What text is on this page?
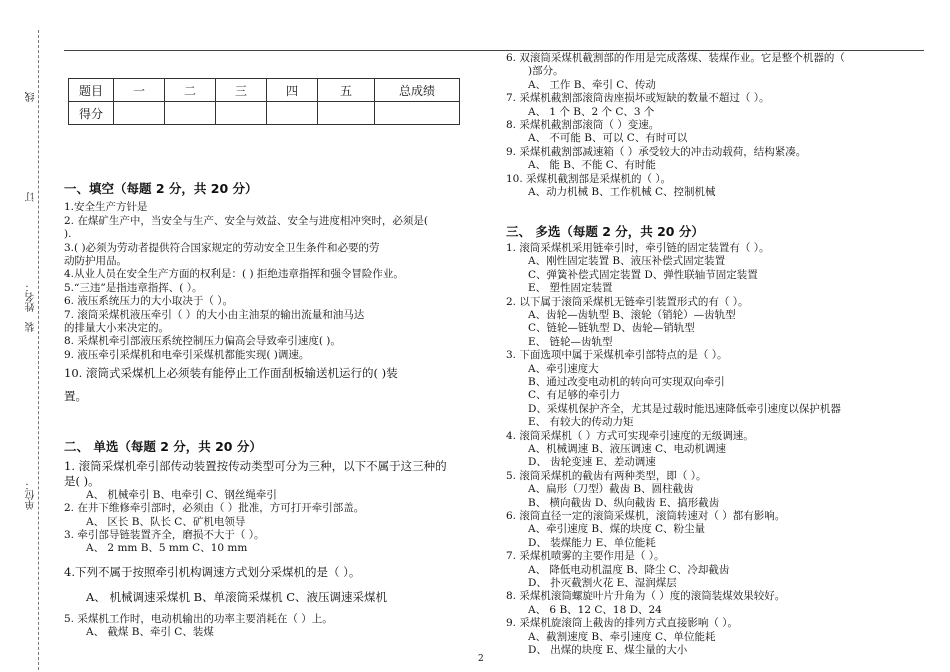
线
订
姓名：
装
单位：
题目	一	二	三	四	五	总成绩
得分						

一、填空（每题 2 分，共 20 分）

1.安全生产方针是
2. 在煤矿生产中，当安全与生产、安全与效益、安全与进度相冲突时，必须是(
).
3.( )必须为劳动者提供符合国家规定的劳动安全卫生条件和必要的劳
动防护用品。
4.从业人员在安全生产方面的权利是：( ) 拒绝违章指挥和强令冒险作业。
5.“三违”是指违章指挥、( ）。
6. 液压系统压力的大小取决于（ ）。
7. 滚筒采煤机液压牵引（ ）的大小由主油泵的输出流量和油马达
的排量大小来决定的。
8. 采煤机牵引部液压系统控制压力偏高会导致牵引速度( )。
9. 液压牵引采煤机和电牵引采煤机都能实现( )调速。
10. 滚筒式采煤机上必须装有能停止工作面刮板输送机运行的( )装
置。

二、 单选（每题 2 分，共 20 分）

1. 滚筒采煤机牵引部传动装置按传动类型可分为三种，以下不属于这三种的
是( )。
A、 机械牵引 B、电牵引 C、钢丝绳牵引
2. 在井下维修牵引部时，必须由（ ）批准，方可打开牵引部盖。
A、 区长 B、队长 C、矿机电领导
3. 牵引部导链装置齐全，磨损不大于（ ）。
A、 2 mm B、5 mm C、10 mm
4.下列不属于按照牵引机构调速方式划分采煤机的是（ ）。
A、 机械调速采煤机 B、单滚筒采煤机 C、液压调速采煤机
5. 采煤机工作时，电动机输出的功率主要消耗在（ ）上。
A、 截煤 B、牵引 C、装煤
6. 双滚筒采煤机截割部的作用是完成落煤、装煤作业。它是整个机器的（
)部分。
A、 工作 B、牵引 C、传动
7. 采煤机截割部滚筒齿座损坏或短缺的数量不超过（ ）。
A、 1 个 B、2 个 C、3 个
8. 采煤机截割部滚筒（ ）变速。
A、 不可能 B、可以 C、有时可以
9. 采煤机截割部减速箱（ ）承受较大的冲击动载荷，结构紧凑。
A、 能 B、不能 C、有时能
10. 采煤机截割部是采煤机的（ ）。
A、动力机械 B、工作机械 C、控制机械

三、 多选（每题 2 分，共 20 分）

1. 滚筒采煤机采用链牵引时，牵引链的固定装置有（ ）。
A、刚性固定装置 B、液压补偿式固定装置
C、弹簧补偿式固定装置 D、弹性联轴节固定装置
E、 塑性固定装置
2. 以下属于滚筒采煤机无链牵引装置形式的有（ ）。
A、齿轮—齿轨型 B、滚轮（销轮）—齿轨型
C、链轮—链轨型 D、齿轮—销轨型
E、 链轮—齿轨型
3. 下面选项中属于采煤机牵引部特点的是（ ）。
A、牵引速度大
B、通过改变电动机的转向可实现双向牵引
C、有足够的牵引力
D、采煤机保护齐全，尤其是过载时能迅速降低牵引速度以保护机器
E、 有较大的传动力矩
4. 滚筒采煤机（ ）方式可实现牵引速度的无级调速。
A、机械调速 B、液压调速 C、电动机调速
D、 齿轮变速 E、差动调速
5. 滚筒采煤机的截齿有两种类型，即（ ）。
A、扁形（刀型）截齿 B、圆柱截齿
B、 横向截齿 D、纵向截齿 E、搞形截齿
6. 滚筒直径一定的滚筒采煤机，滚筒转速对（ ）都有影响。
A、牵引速度 B、煤的块度 C、粉尘量
D、 装煤能力 E、单位能耗
7. 采煤机喷雾的主要作用是（ ）。
A、 降低电动机温度 B、降尘 C、冷却截齿
D、 扑灭截割火花 E、湿润煤层
8. 采煤机滚筒螺旋叶片升角为（ ）度的滚筒装煤效果较好。
A、 6 B、12 C、18 D、24
9. 采煤机旋滚筒上截齿的排列方式直接影响（ ）。
A、截割速度 B、牵引速度 C、单位能耗
D、 出煤的块度 E、煤尘量的大小
2
